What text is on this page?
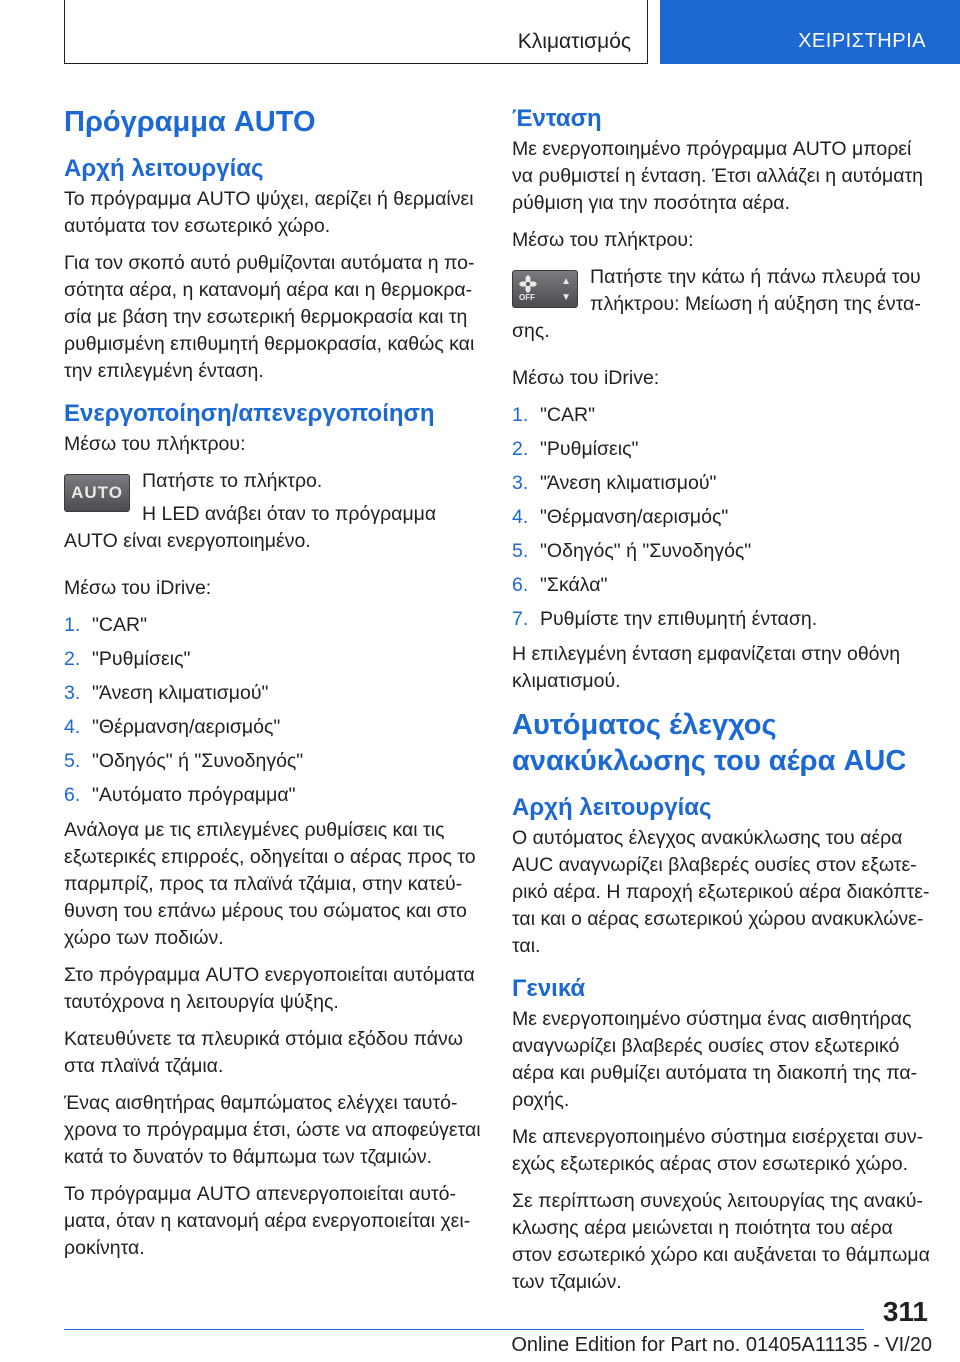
Κλιματισμός	ΧΕΙΡΙΣΤΗΡΙΑ
Πρόγραμμα AUTO
Αρχή λειτουργίας

Το πρόγραμμα AUTO ψύχει, αερίζει ή θερμαίνει αυτόματα τον εσωτερικό χώρο.

Για τον σκοπό αυτό ρυθμίζονται αυτόματα η ποσότητα αέρα, η κατανομή αέρα και η θερμοκρασία με βάση την εσωτερική θερμοκρασία και τη ρυθμισμένη επιθυμητή θερμοκρασία, καθώς και την επιλεγμένη ένταση.

Ενεργοποίηση/απενεργοποίηση

Μέσω του πλήκτρου:

AUTO

Πατήστε το πλήκτρο.

Η LED ανάβει όταν το πρόγραμμα AUTO είναι ενεργοποιημένο.

Μέσω του iDrive:

1. "CAR"
2. "Ρυθμίσεις"
3. "Άνεση κλιματισμού"
4. "Θέρμανση/αερισμός"
5. "Οδηγός" ή "Συνοδηγός"
6. "Αυτόματο πρόγραμμα"

Ανάλογα με τις επιλεγμένες ρυθμίσεις και τις εξωτερικές επιρροές, οδηγείται ο αέρας προς το παρμπρίζ, προς τα πλαϊνά τζάμια, στην κατεύθυνση του επάνω μέρους του σώματος και στο χώρο των ποδιών.

Στο πρόγραμμα AUTO ενεργοποιείται αυτόματα ταυτόχρονα η λειτουργία ψύξης.

Κατευθύνετε τα πλευρικά στόμια εξόδου πάνω στα πλαϊνά τζάμια.

Ένας αισθητήρας θαμπώματος ελέγχει ταυτόχρονα το πρόγραμμα έτσι, ώστε να αποφεύγεται κατά το δυνατόν το θάμπωμα των τζαμιών.

Το πρόγραμμα AUTO απενεργοποιείται αυτόματα, όταν η κατανομή αέρα ενεργοποιείται χειροκίνητα.

Ένταση

Με ενεργοποιημένο πρόγραμμα AUTO μπορεί να ρυθμιστεί η ένταση. Έτσι αλλάζει η αυτόματη ρύθμιση για την ποσότητα αέρα.

Μέσω του πλήκτρου:

OFF
▲
▼

Πατήστε την κάτω ή πάνω πλευρά του πλήκτρου: Μείωση ή αύξηση της έντασης.

Μέσω του iDrive:

1. "CAR"
2. "Ρυθμίσεις"
3. "Άνεση κλιματισμού"
4. "Θέρμανση/αερισμός"
5. "Οδηγός" ή "Συνοδηγός"
6. "Σκάλα"
7. Ρυθμίστε την επιθυμητή ένταση.

Η επιλεγμένη ένταση εμφανίζεται στην οθόνη κλιματισμού.

Αυτόματος έλεγχος ανακύκλωσης του αέρα AUC
Αρχή λειτουργίας

Ο αυτόματος έλεγχος ανακύκλωσης του αέρα AUC αναγνωρίζει βλαβερές ουσίες στον εξωτερικό αέρα. Η παροχή εξωτερικού αέρα διακόπτεται και ο αέρας εσωτερικού χώρου ανακυκλώνεται.

Γενικά

Με ενεργοποιημένο σύστημα ένας αισθητήρας αναγνωρίζει βλαβερές ουσίες στον εξωτερικό αέρα και ρυθμίζει αυτόματα τη διακοπή της παροχής.

Με απενεργοποιημένο σύστημα εισέρχεται συνεχώς εξωτερικός αέρας στον εσωτερικό χώρο.

Σε περίπτωση συνεχούς λειτουργίας της ανακύκλωσης αέρα μειώνεται η ποιότητα του αέρα στον εσωτερικό χώρο και αυξάνεται το θάμπωμα των τζαμιών.

311
Online Edition for Part no. 01405A11135 - VI/20
